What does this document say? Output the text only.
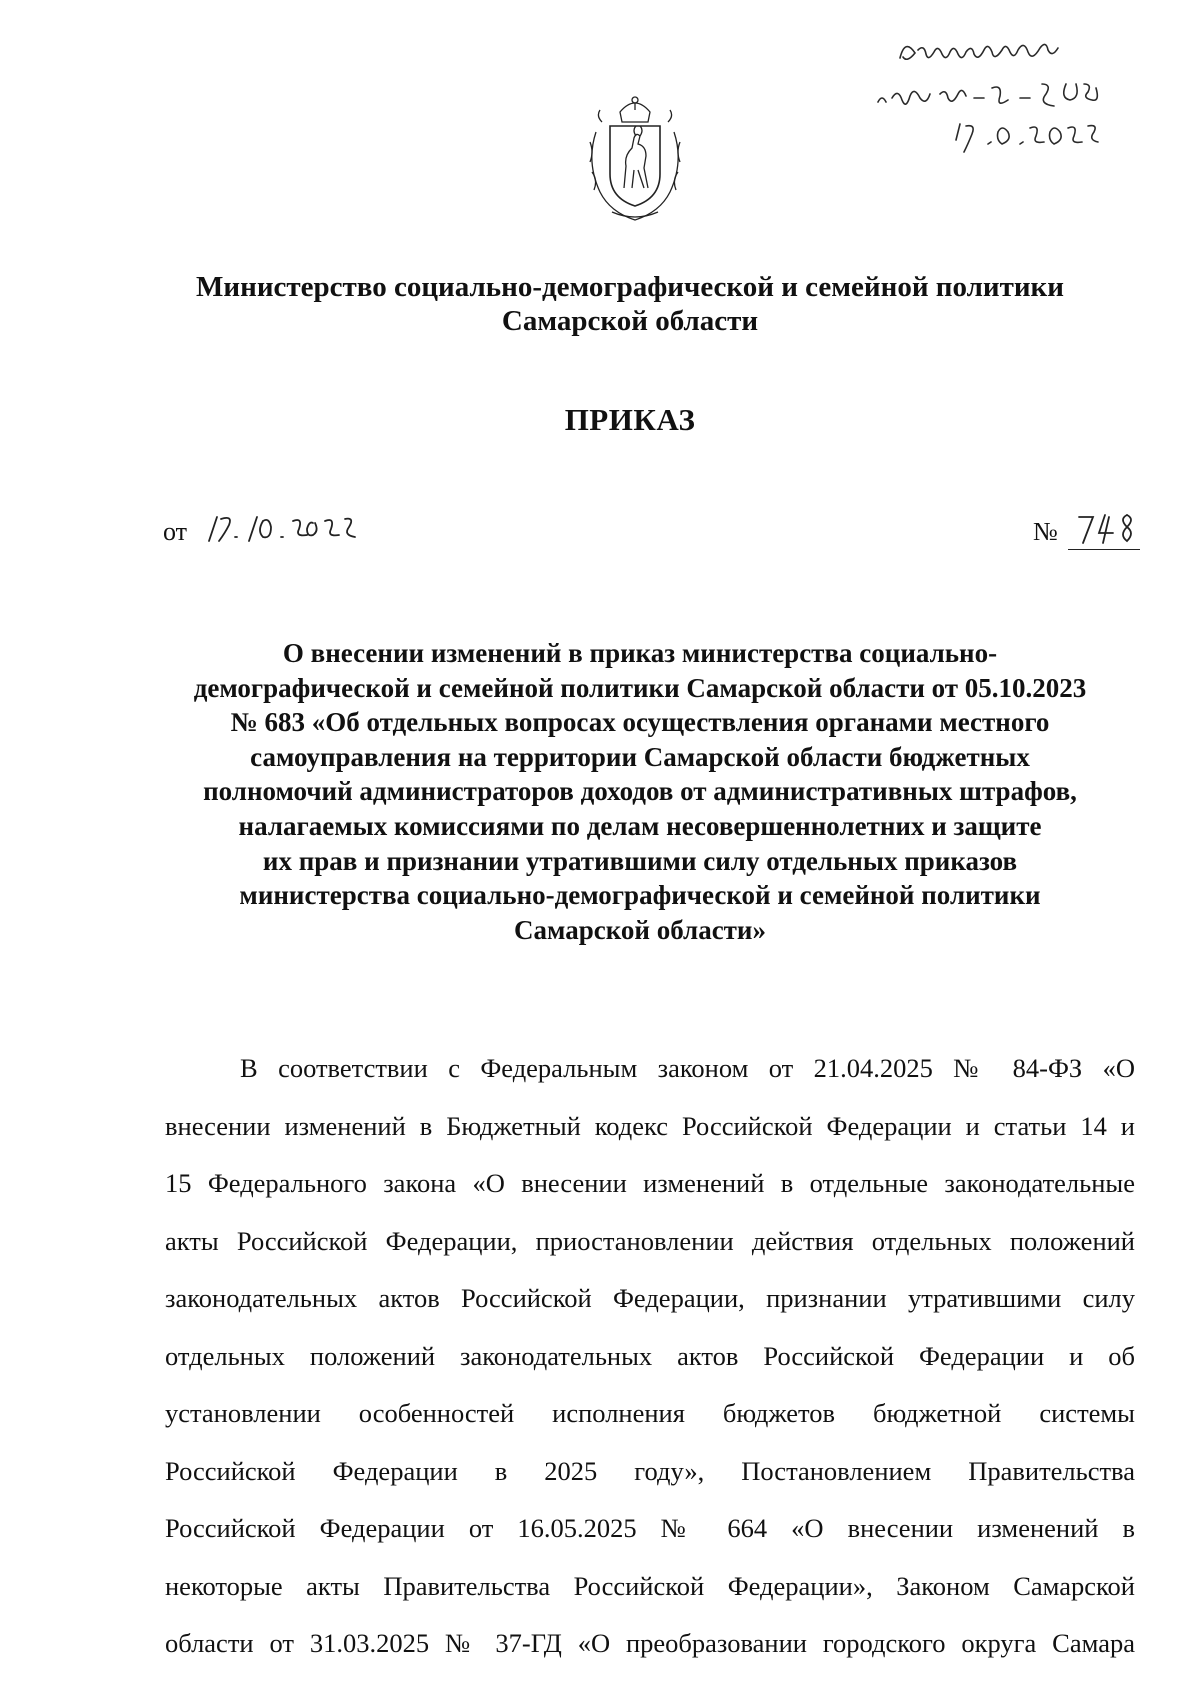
Министерство социально-демографической и семейной политики
Самарской области
ПРИКАЗ
от	№
О внесении изменений в приказ министерства социально-
демографической и семейной политики Самарской области от 05.10.2023
№ 683 «Об отдельных вопросах осуществления органами местного
самоуправления на территории Самарской области бюджетных
полномочий администраторов доходов от административных штрафов,
налагаемых комиссиями по делам несовершеннолетних и защите
их прав и признании утратившими силу отдельных приказов
министерства социально-демографической и семейной политики
Самарской области»
В соответствии с Федеральным законом от 21.04.2025 № 84-ФЗ «О
внесении изменений в Бюджетный кодекс Российской Федерации и статьи 14 и
15 Федерального закона «О внесении изменений в отдельные законодательные
акты Российской Федерации, приостановлении действия отдельных положений
законодательных актов Российской Федерации, признании утратившими силу
отдельных положений законодательных актов Российской Федерации и об
установлении особенностей исполнения бюджетов бюджетной системы
Российской Федерации в 2025 году», Постановлением Правительства
Российской Федерации от 16.05.2025 № 664 «О внесении изменений в
некоторые акты Правительства Российской Федерации», Законом Самарской
области от 31.03.2025 № 37-ГД «О преобразовании городского округа Самара
